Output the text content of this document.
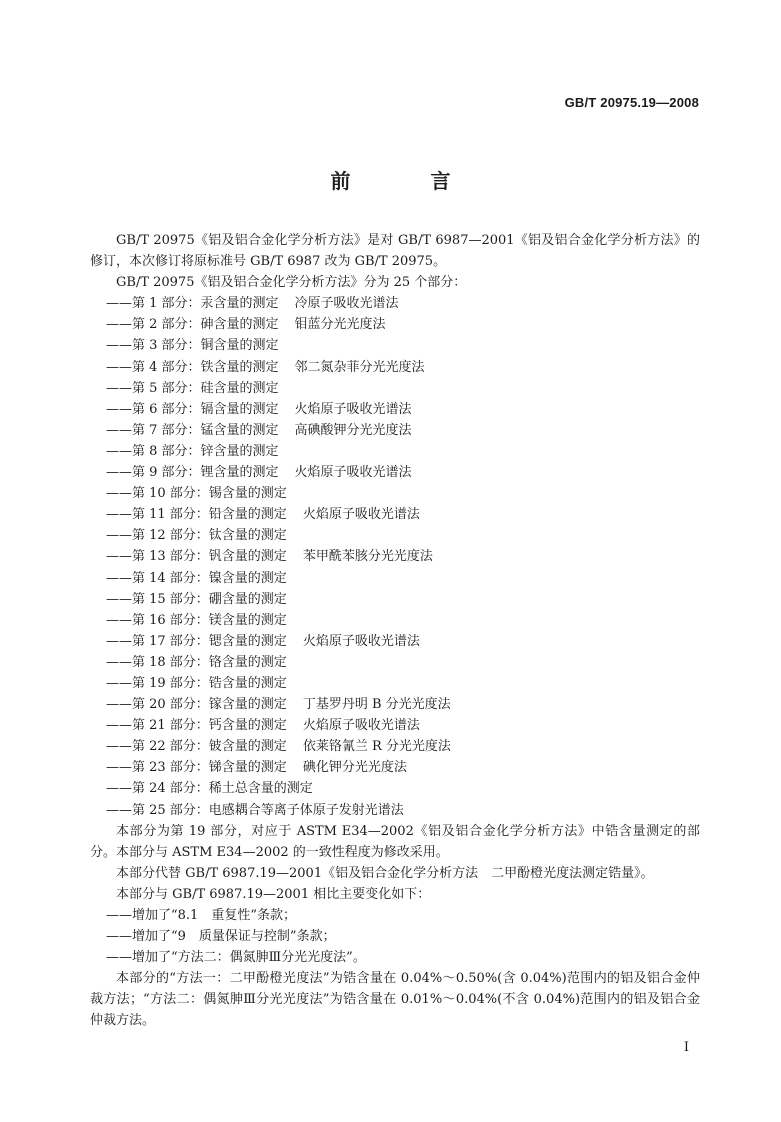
GB/T 20975.19—2008
前　言

GB/T 20975《铝及铝合金化学分析方法》是对 GB/T 6987—2001《铝及铝合金化学分析方法》的修订，本次修订将原标准号 GB/T 6987 改为 GB/T 20975。

GB/T 20975《铝及铝合金化学分析方法》分为 25 个部分：

——第 1 部分：汞含量的测定 冷原子吸收光谱法
——第 2 部分：砷含量的测定 钼蓝分光光度法
——第 3 部分：铜含量的测定
——第 4 部分：铁含量的测定 邻二氮杂菲分光光度法
——第 5 部分：硅含量的测定
——第 6 部分：镉含量的测定 火焰原子吸收光谱法
——第 7 部分：锰含量的测定 高碘酸钾分光光度法
——第 8 部分：锌含量的测定
——第 9 部分：锂含量的测定 火焰原子吸收光谱法
——第 10 部分：锡含量的测定
——第 11 部分：铅含量的测定 火焰原子吸收光谱法
——第 12 部分：钛含量的测定
——第 13 部分：钒含量的测定 苯甲酰苯胲分光光度法
——第 14 部分：镍含量的测定
——第 15 部分：硼含量的测定
——第 16 部分：镁含量的测定
——第 17 部分：锶含量的测定 火焰原子吸收光谱法
——第 18 部分：铬含量的测定
——第 19 部分：锆含量的测定
——第 20 部分：镓含量的测定 丁基罗丹明 B 分光光度法
——第 21 部分：钙含量的测定 火焰原子吸收光谱法
——第 22 部分：铍含量的测定 依莱铬氰兰 R 分光光度法
——第 23 部分：锑含量的测定 碘化钾分光光度法
——第 24 部分：稀土总含量的测定
——第 25 部分：电感耦合等离子体原子发射光谱法

本部分为第 19 部分，对应于 ASTM E34—2002《铝及铝合金化学分析方法》中锆含量测定的部分。本部分与 ASTM E34—2002 的一致性程度为修改采用。

本部分代替 GB/T 6987.19—2001《铝及铝合金化学分析方法　二甲酚橙光度法测定锆量》。

本部分与 GB/T 6987.19—2001 相比主要变化如下：

——增加了“8.1　重复性”条款；
——增加了“9　质量保证与控制”条款；
——增加了“方法二：偶氮胂Ⅲ分光光度法”。

本部分的“方法一：二甲酚橙光度法”为锆含量在 0.04%～0.50%(含 0.04%)范围内的铝及铝合金仲裁方法；“方法二：偶氮胂Ⅲ分光光度法”为锆含量在 0.01%～0.04%(不含 0.04%)范围内的铝及铝合金仲裁方法。

I
